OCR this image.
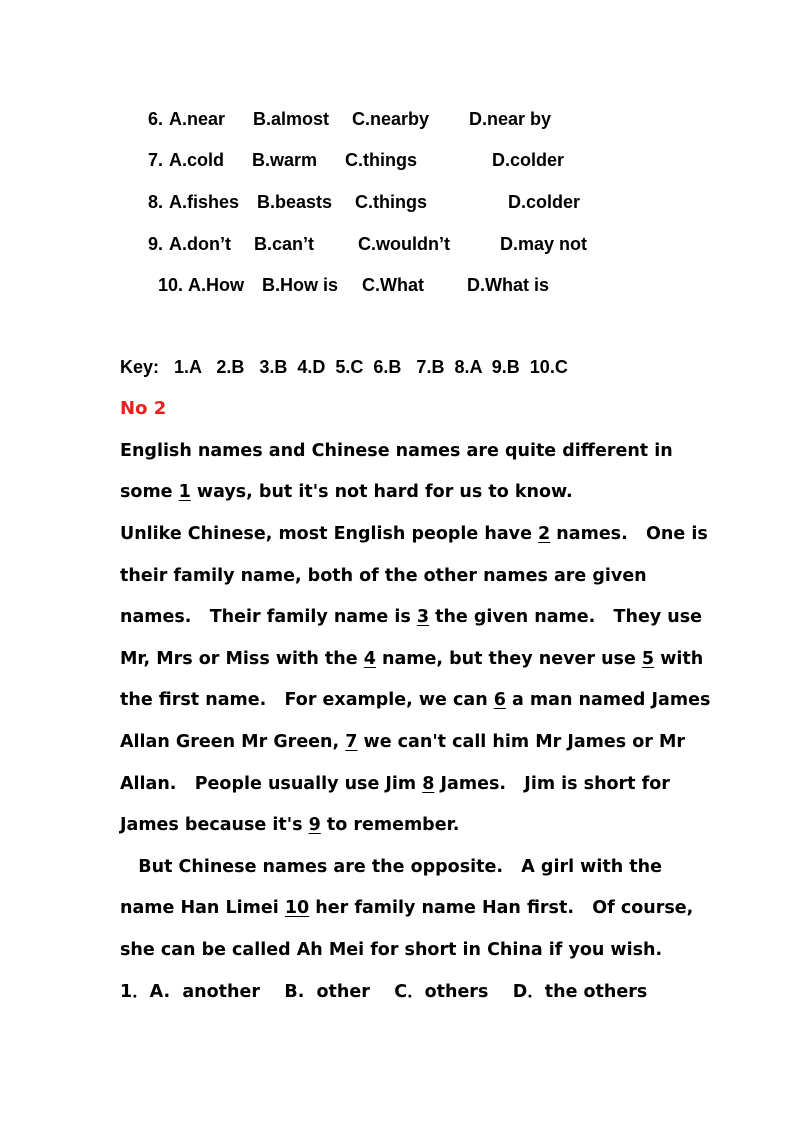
6. A.near B.almost C.nearby D.near by
7. A.cold B.warm C.things	D.colder
8. A.fishes B.beasts C.things	D.colder
9. A.don’t B.can’t C.wouldn’t	D.may not
10. A.How B.How is C.What D.What is
Key:   1.A   2.B   3.B  4.D  5.C  6.B   7.B  8.A  9.B  10.C
No 2
English names and Chinese names are quite different in
some 1 ways, but it's not hard for us to know.
Unlike Chinese, most English people have 2 names.   One is
their family name, both of the other names are given
names.   Their family name is 3 the given name.   They use
Mr, Mrs or Miss with the 4 name, but they never use 5 with
the first name.   For example, we can 6 a man named James
Allan Green Mr Green, 7 we can't call him Mr James or Mr
Allan.   People usually use Jim 8 James.   Jim is short for
James because it's 9 to remember.
But Chinese names are the opposite.   A girl with the
name Han Limei 10 her family name Han first.   Of course,
she can be called Ah Mei for short in China if you wish.
1．A.  another    B.  other    C．others    D．the others
